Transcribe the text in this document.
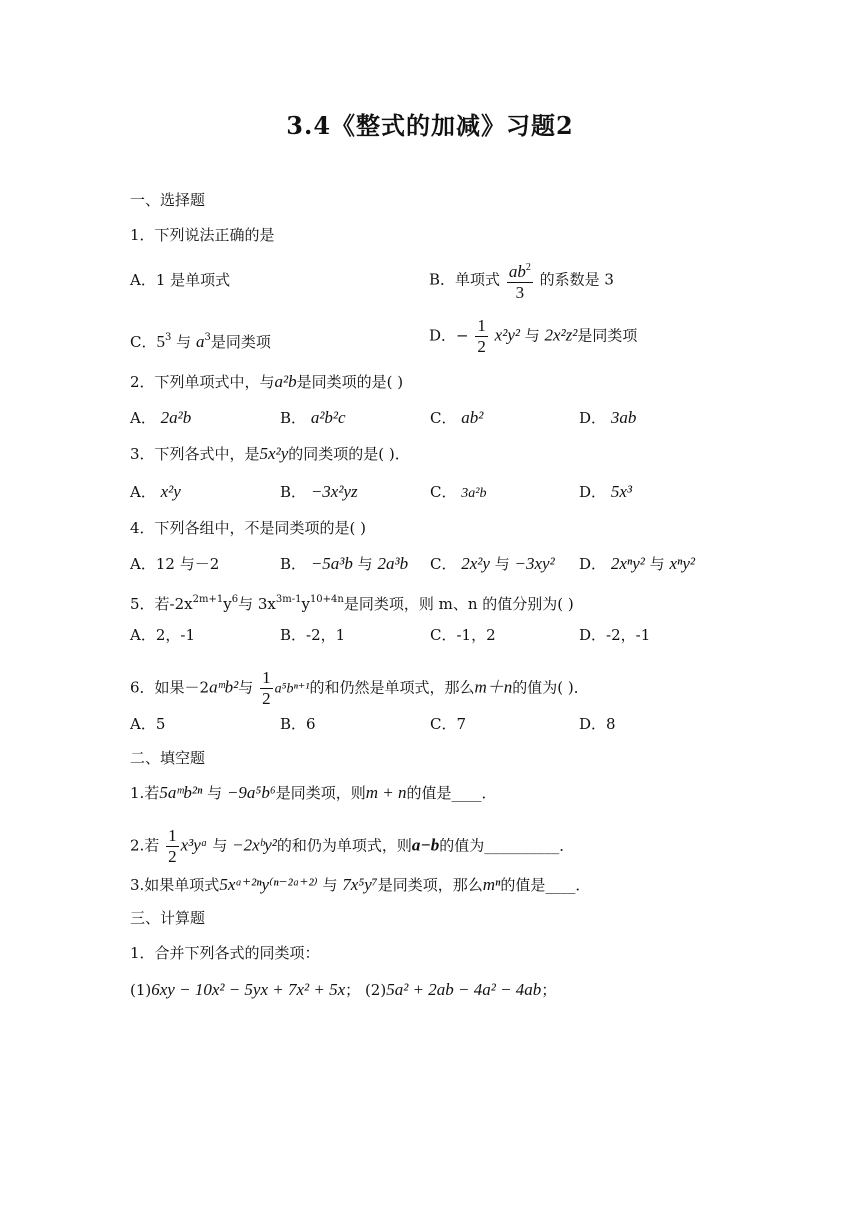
3.4《整式的加减》习题2
一、选择题
1．下列说法正确的是
A．1 是单项式	B．单项式 $\frac{ab^2}{3}$ 的系数是 3
C．$5^3$ 与 $a^3$是同类项	D．− $\frac{1}{2} x^2y^2$ 与 2x²z²是同类项
2．下列单项式中，与a²b是同类项的是( )
A． 2a²b	B． a²b²c	C． ab²	D． 3ab
3．下列各式中，是5x²y的同类项的是( )．
A． x²y	B． −3x²yz	C． 3a²b	D． 5x³
4．下列各组中，不是同类项的是( )
A．12 与－2	B． −5a³b 与 2a³b C． 2x²y 与 −3xy² D． 2xⁿy² 与 xⁿy²
5．若$-2x^{2m+1}y^6$与 $3x^{3m-1}y^{10+4n}$是同类项，则 m、n 的值分别为( )
A．2，-1	B．-2，1	C．-1，2	D．-2，-1
6．如果－2aᵐb²与 $\frac{1}{2} a^5b^{n+1}$的和仍然是单项式，那么m＋n的值为( )．
A．5	B．6	C．7	D．8
二、填空题
1.若5aᵐb²ⁿ 与 −9a⁵b⁶是同类项，则m + n的值是____．
2.若 $\frac{1}{2}$ x³yᵃ 与 −2xᵇy²的和仍为单项式，则a−b的值为__________．
3.如果单项式5xᵃ⁺²ⁿy⁽ⁿ⁻²ᵃ⁺²⁾ 与 7x⁵y⁷是同类项，那么mⁿ的值是____．
三、计算题
1．合并下列各式的同类项：
(1)6xy − 10x² − 5yx + 7x² + 5x； (2)5a² + 2ab − 4a² − 4ab；
